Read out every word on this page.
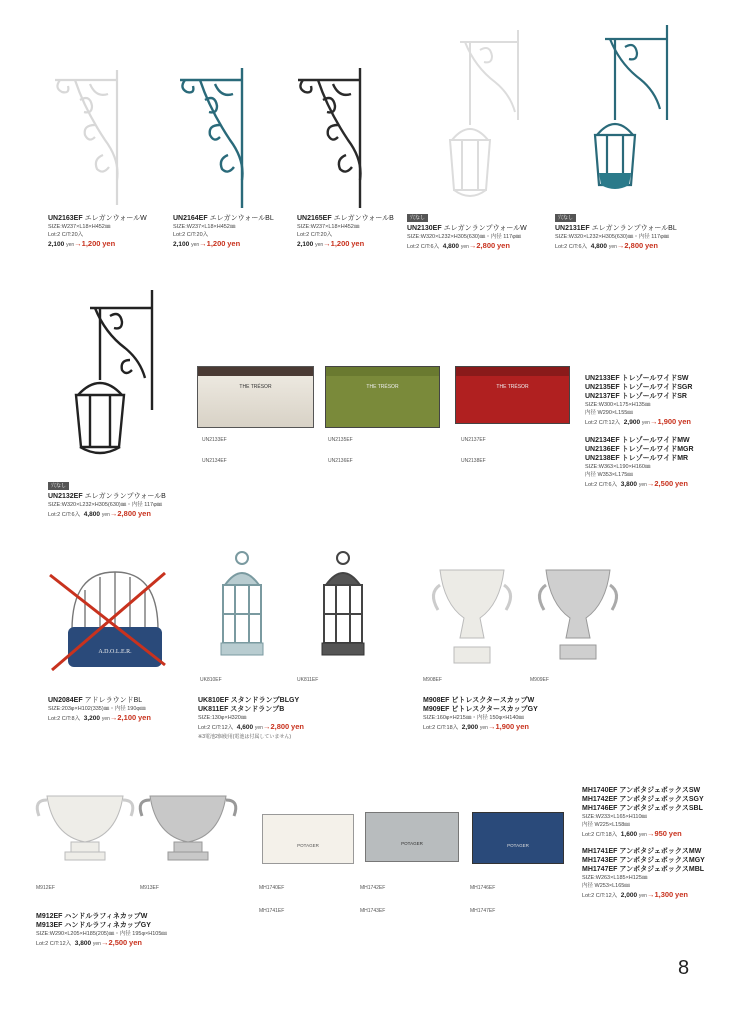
UN2163EF エレガンウォールW
SIZE:W237×L18×H452㎜
Lot:2 C/T:20入
2,100 yen→1,200 yen
UN2164EF エレガンウォールBL
SIZE:W237×L18×H452㎜
Lot:2 C/T:20入
2,100 yen→1,200 yen
UN2165EF エレガンウォールB
SIZE:W237×L18×H452㎜
Lot:2 C/T:20入
2,100 yen→1,200 yen
穴なし
UN2130EF エレガンランプウォールW
SIZE:W320×L232×H305(630)㎜・内径 117φ㎜
Lot:2 C/T:6入 4,800 yen→2,800 yen
穴なし
UN2131EF エレガンランプウォールBL
SIZE:W320×L232×H305(630)㎜・内径 117φ㎜
Lot:2 C/T:6入 4,800 yen→2,800 yen
穴なし
UN2132EF エレガンランプウォールB
SIZE:W320×L232×H305(630)㎜・内径 117φ㎜
Lot:2 C/T:6入 4,800 yen→2,800 yen
THE TRÉSOR	THE TRÉSOR	THE TRÉSOR
UN2133EF	UN2135EF	UN2137EF
UN2134EF	UN2136EF	UN2138EF
UN2133EF トレゾールワイドSW
UN2135EF トレゾールワイドSGR
UN2137EF トレゾールワイドSR
SIZE:W300×L175×H135㎜
内径 W290×L155㎜
Lot:2 C/T:12入 2,900 yen→1,900 yen
UN2134EF トレゾールワイドMW
UN2136EF トレゾールワイドMGR
UN2138EF トレゾールワイドMR
SIZE:W363×L190×H160㎜
内径 W353×L175㎜
Lot:2 C/T:6入 3,800 yen→2,500 yen
A.D.O.L.E.R.
UN2084EF アドレラウンドBL
SIZE:203φ×H102(335)㎜・内径 190φ㎜
Lot:2 C/T:8入 3,200 yen→2,100 yen
UK810EF	UK811EF
UK810EF スタンドランプBLGY
UK811EF スタンドランプB
SIZE:130φ×H320㎜
Lot:2 C/T:12入 4,600 yen→2,800 yen
※3電池2個使用(電池は付属していません)
M908EF	M909EF
M908EF ビトレスクタースカップW
M909EF ビトレスクタースカップGY
SIZE:160φ×H215㎜・内径 150φ×H140㎜
Lot:2 C/T:18入 2,900 yen→1,900 yen
M912EF	M913EF
M912EF ハンドルラフィネカップW
M913EF ハンドルラフィネカップGY
SIZE:W290×L205×H185(205)㎜・内径 195φ×H105㎜
Lot:2 C/T:12入 3,800 yen→2,500 yen
POTAGER	POTAGER	POTAGER
MH1740EF	MH1742EF	MH1746EF
MH1741EF	MH1743EF	MH1747EF
MH1740EF アンボタジェボックスSW
MH1742EF アンボタジェボックスSGY
MH1746EF アンボタジェボックスSBL
SIZE:W233×L165×H110㎜
内径 W225×L158㎜
Lot:2 C/T:18入 1,600 yen→950 yen
MH1741EF アンボタジェボックスMW
MH1743EF アンボタジェボックスMGY
MH1747EF アンボタジェボックスMBL
SIZE:W263×L185×H125㎜
内径 W253×L165㎜
Lot:2 C/T:12入 2,000 yen→1,300 yen
8
